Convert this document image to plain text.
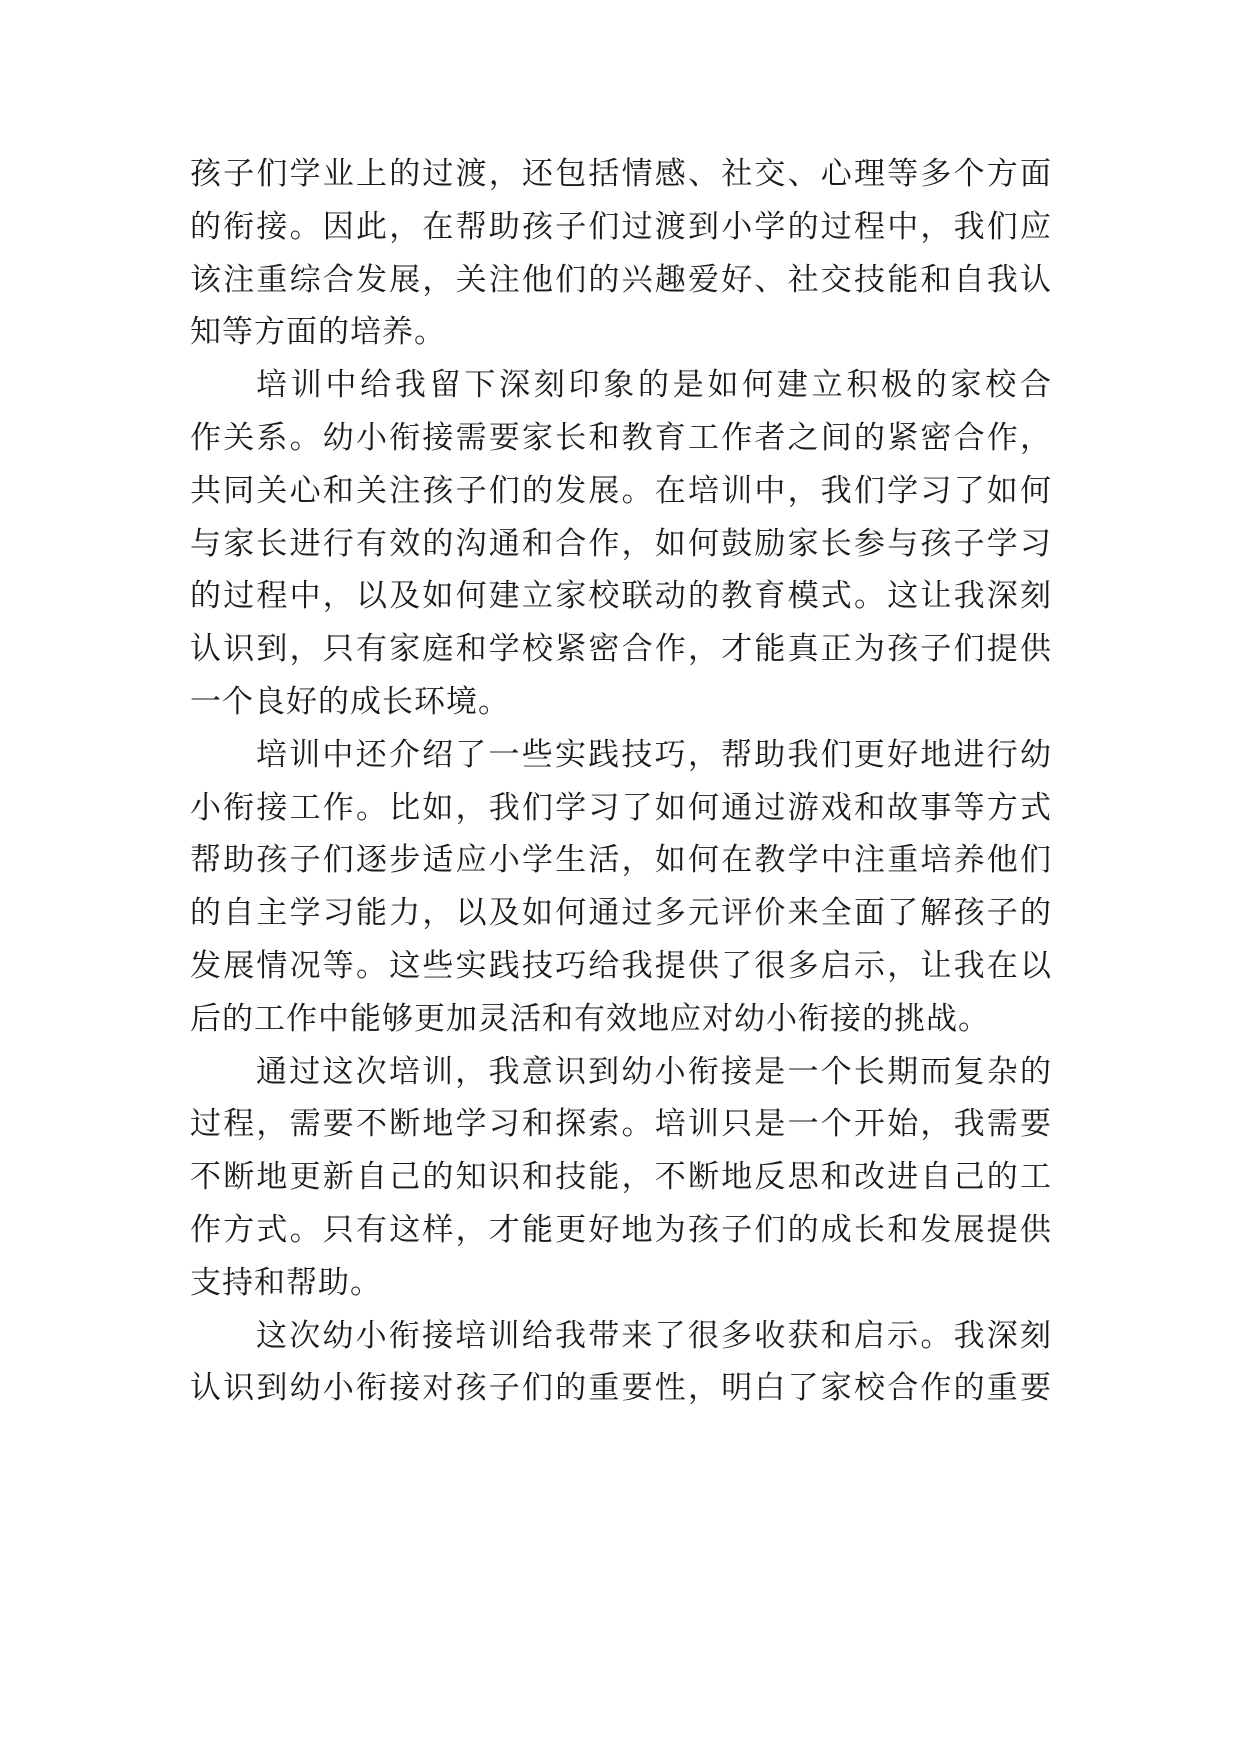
孩子们学业上的过渡，还包括情感、社交、心理等多个方面
的衔接。因此，在帮助孩子们过渡到小学的过程中，我们应
该注重综合发展，关注他们的兴趣爱好、社交技能和自我认
知等方面的培养。
培训中给我留下深刻印象的是如何建立积极的家校合
作关系。幼小衔接需要家长和教育工作者之间的紧密合作，
共同关心和关注孩子们的发展。在培训中，我们学习了如何
与家长进行有效的沟通和合作，如何鼓励家长参与孩子学习
的过程中，以及如何建立家校联动的教育模式。这让我深刻
认识到，只有家庭和学校紧密合作，才能真正为孩子们提供
一个良好的成长环境。
培训中还介绍了一些实践技巧，帮助我们更好地进行幼
小衔接工作。比如，我们学习了如何通过游戏和故事等方式
帮助孩子们逐步适应小学生活，如何在教学中注重培养他们
的自主学习能力，以及如何通过多元评价来全面了解孩子的
发展情况等。这些实践技巧给我提供了很多启示，让我在以
后的工作中能够更加灵活和有效地应对幼小衔接的挑战。
通过这次培训，我意识到幼小衔接是一个长期而复杂的
过程，需要不断地学习和探索。培训只是一个开始，我需要
不断地更新自己的知识和技能，不断地反思和改进自己的工
作方式。只有这样，才能更好地为孩子们的成长和发展提供
支持和帮助。
这次幼小衔接培训给我带来了很多收获和启示。我深刻
认识到幼小衔接对孩子们的重要性，明白了家校合作的重要
